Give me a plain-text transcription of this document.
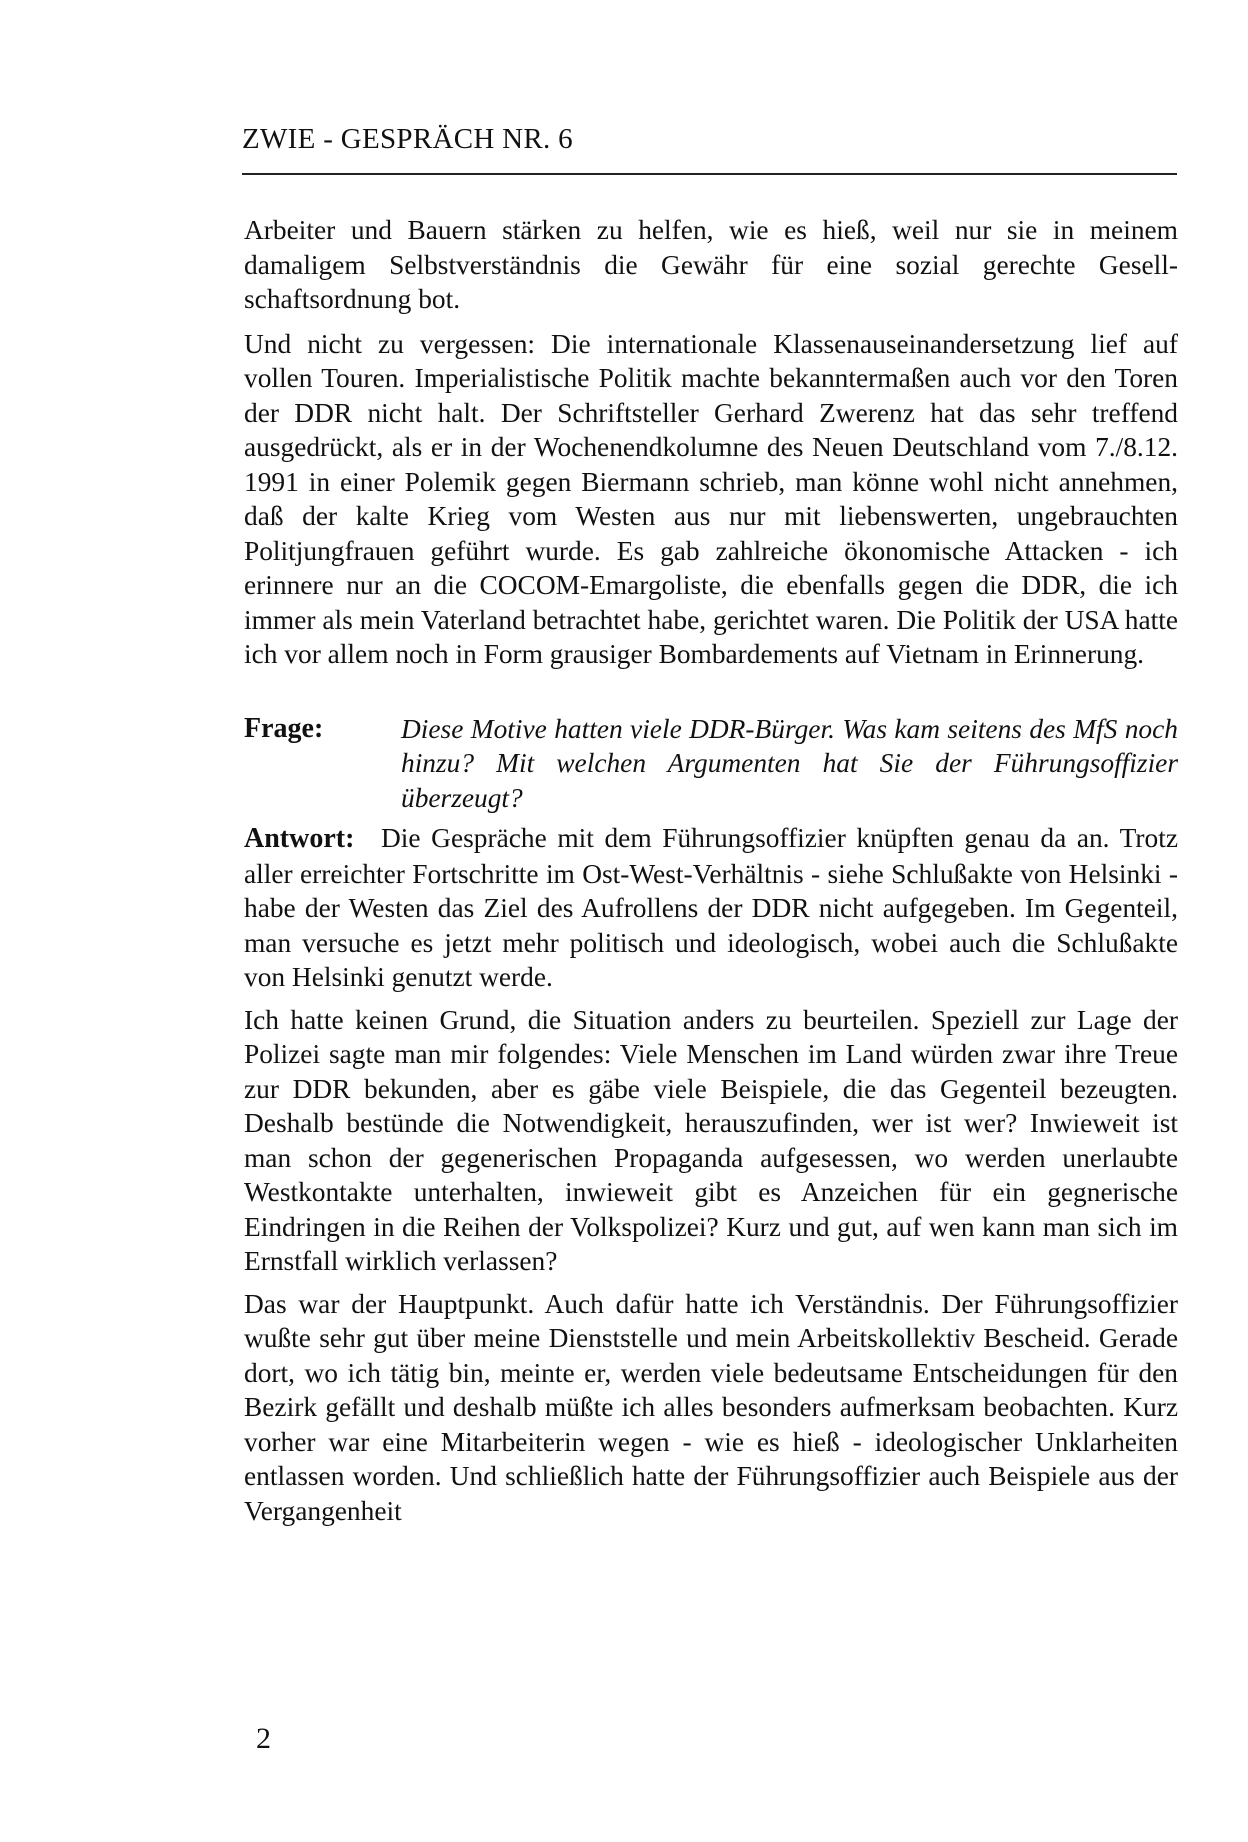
ZWIE - GESPRÄCH NR. 6

Arbeiter und Bauern stärken zu helfen, wie es hieß, weil nur sie in meinem damaligem Selbstverständnis die Gewähr für eine sozial gerechte Gesellschaftsordnung bot.

Und nicht zu vergessen: Die internationale Klassenauseinandersetzung lief auf vollen Touren. Imperialistische Politik machte bekanntermaßen auch vor den Toren der DDR nicht halt. Der Schriftsteller Gerhard Zwerenz hat das sehr treffend ausgedrückt, als er in der Wochenendkolumne des Neuen Deutschland vom 7./8.12. 1991 in einer Polemik gegen Biermann schrieb, man könne wohl nicht annehmen, daß der kalte Krieg vom Westen aus nur mit liebenswerten, ungebrauchten Politjungfrauen geführt wurde. Es gab zahlreiche ökonomische Attacken - ich erinnere nur an die COCOM-Emargoliste, die ebenfalls gegen die DDR, die ich immer als mein Vaterland betrachtet habe, gerichtet waren. Die Politik der USA hatte ich vor allem noch in Form grausiger Bombardements auf Vietnam in Erinnerung.

Frage:	Diese Motive hatten viele DDR-Bürger. Was kam seitens des MfS noch hinzu? Mit welchen Argumenten hat Sie der Führungsoffizier überzeugt?
Antwort: Die Gespräche mit dem Führungsoffizier knüpften genau da an. Trotz aller erreichter Fortschritte im Ost-West-Verhältnis - siehe Schlußakte von Helsinki - habe der Westen das Ziel des Aufrollens der DDR nicht aufgegeben. Im Gegenteil, man versuche es jetzt mehr politisch und ideologisch, wobei auch die Schlußakte von Helsinki genutzt werde.

Ich hatte keinen Grund, die Situation anders zu beurteilen. Speziell zur Lage der Polizei sagte man mir folgendes: Viele Menschen im Land würden zwar ihre Treue zur DDR bekunden, aber es gäbe viele Beispiele, die das Gegenteil bezeugten. Deshalb bestünde die Notwendigkeit, herauszufinden, wer ist wer? Inwieweit ist man schon der gegenerischen Propaganda aufgesessen, wo werden unerlaubte Westkontakte unterhalten, inwieweit gibt es Anzeichen für ein gegnerische Eindringen in die Reihen der Volkspolizei? Kurz und gut, auf wen kann man sich im Ernstfall wirklich verlassen?

Das war der Hauptpunkt. Auch dafür hatte ich Verständnis. Der Führungsoffizier wußte sehr gut über meine Dienststelle und mein Arbeitskollektiv Bescheid. Gerade dort, wo ich tätig bin, meinte er, werden viele bedeutsame Entscheidungen für den Bezirk gefällt und deshalb müßte ich alles besonders aufmerksam beobachten. Kurz vorher war eine Mitarbeiterin wegen - wie es hieß - ideologischer Unklarheiten entlassen worden. Und schließlich hatte der Führungsoffizier auch Beispiele aus der Vergangenheit

2
